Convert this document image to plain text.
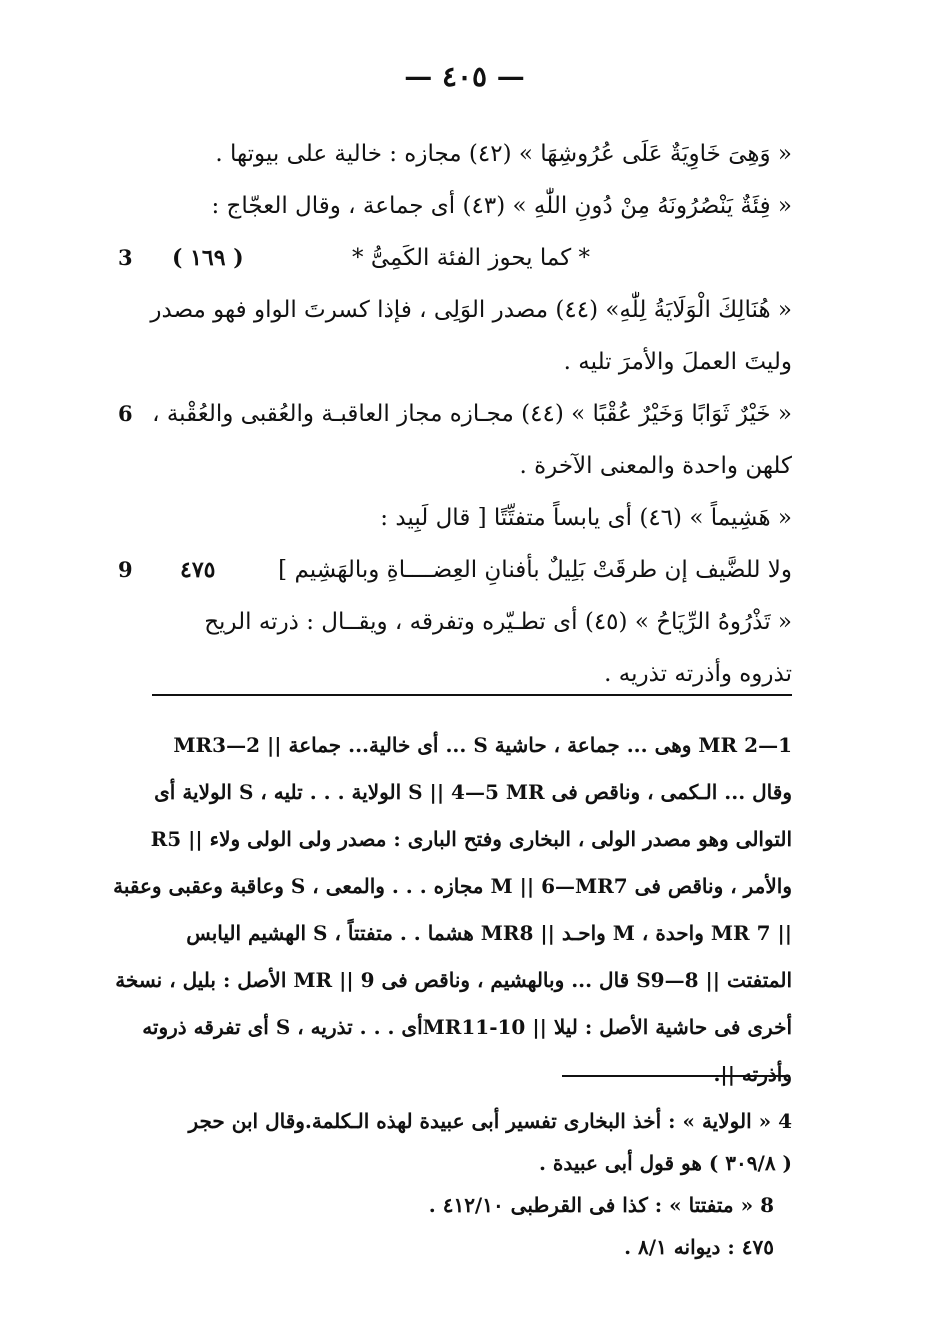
— ٤٠٥ —
« وَهِىَ خَاوِيَةٌ عَلَى عُرُوشِهَا » (٤٢) مجازه : خالية على بيوتها .
« فِئَةٌ يَنْصُرُونَهُ مِنْ دُونِ اللّٰهِ » (٤٣) أى جماعة ، وقال العجّاج :
* كما يحوز الفئة الكَمِىُّ *
( ١٦٩ )
3
« هُنَالِكَ الْوَلَايَةُ لِلّٰهِ» (٤٤) مصدر الوَلِى ، فإذا كسرتَ الواو فهو مصدر
وليتَ العملَ والأمرَ تليه .
« خَيْرٌ ثَوَابًا وَخَيْرٌ عُقْبًا » (٤٤) مجـازه مجاز العاقبـة والعُقبى والعُقْبة ،
6
كلهن واحدة والمعنى الآخرة .
« هَشِيماً » (٤٦) أى يابساً متفتِّتًا [ قال لَبِيد :
ولا للضَّيف إن طرقَتْ بَلِيلٌ بأفنانِ العِضــــاةِ وبالهَشِيم ]
٤٧٥
9
« تَذْرُوهُ الرِّيَاحُ » (٤٥) أى تطـيّره وتفرقه ، ويقــال : ذرته الريح
تذروه وأذرته تذريه .
1—2 MR وهى ... جماعة ، حاشية S ... أى خالية... جماعة || 2—MR3
وقال ... الـكمى ، وناقص فى S || 4—5 MR الولاية . . . تليه ، S الولاية أى
التوالى وهو مصدر الولى ، البخارى وفتح البارى : مصدر ولى الولى ولاء || R5
والأمر ، وناقص فى M || 6—MR7 مجازه . . . والمعى ، S وعاقبة وعقبى وعقبة
|| MR 7 واحدة ، M واحـد || MR8 هشما . . متفتتاً ، S الهشيم اليابس
المتفتت || 8—S9 قال ... وبالهشيم ، وناقص فى MR || 9 الأصل : بليل ، نسخة
أخرى فى حاشية الأصل : ليلا || MR11-10أى . . . تذريه ، S أى تفرقه ذروته
وأذرته ||.
4 « الولاية » : أخذ البخارى تفسير أبى عبيدة لهذه الـكلمة.وقال ابن حجر
( ٣٠٩/٨ ) هو قول أبى عبيدة .
8 « متفتتا » : كذا فى القرطبى ٤١٢/١٠ .
٤٧٥ : ديوانه ٨/١ .
